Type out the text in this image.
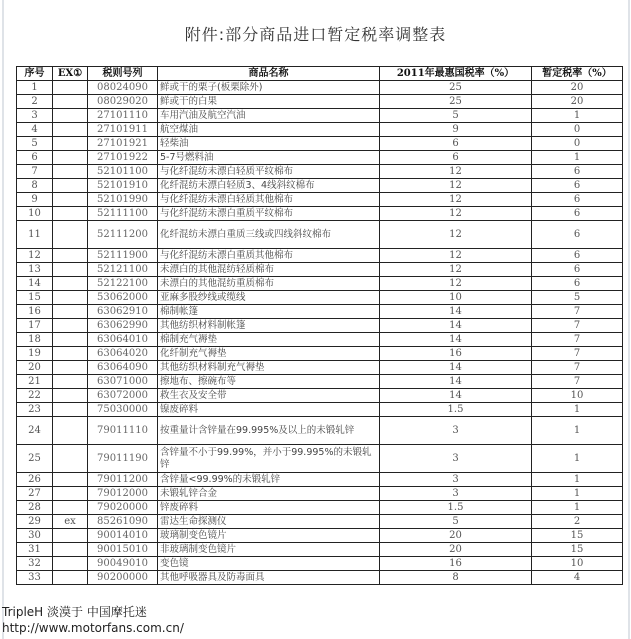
附件:部分商品进口暂定税率调整表
序号	EX①	税则号列	商品名称	2011年最惠国税率（%）	暂定税率（%）
1		08024090	鲜或干的栗子(板栗除外)	25	20
2		08029020	鲜或干的白果	25	20
3		27101110	车用汽油及航空汽油	5	1
4		27101911	航空煤油	9	0
5		27101921	轻柴油	6	0
6		27101922	5-7号燃料油	6	1
7		52101100	与化纤混纺未漂白轻质平纹棉布	12	6
8		52101910	化纤混纺未漂白轻质3、4线斜纹棉布	12	6
9		52101990	与化纤混纺未漂白轻质其他棉布	12	6
10		52111100	与化纤混纺未漂白重质平纹棉布	12	6
11		52111200	化纤混纺未漂白重质三线或四线斜纹棉布	12	6
12		52111900	与化纤混纺未漂白重质其他棉布	12	6
13		52121100	未漂白的其他混纺轻质棉布	12	6
14		52122100	未漂白的其他混纺重质棉布	12	6
15		53062000	亚麻多股纱线或缆线	10	5
16		63062910	棉制帐篷	14	7
17		63062990	其他纺织材料制帐篷	14	7
18		63064010	棉制充气褥垫	14	7
19		63064020	化纤制充气褥垫	16	7
20		63064090	其他纺织材料制充气褥垫	14	7
21		63071000	擦地布、擦碗布等	14	7
22		63072000	救生衣及安全带	14	10
23		75030000	镍废碎料	1.5	1
24		79011110	按重量计含锌量在99.995%及以上的未锻轧锌	3	1
25		79011190	含锌量不小于99.99%，并小于99.995%的未锻轧锌	3	1
26		79011200	含锌量<99.99%的未锻轧锌	3	1
27		79012000	未锻轧锌合金	3	1
28		79020000	锌废碎料	1.5	1
29	ex	85261090	雷达生命探测仪	5	2
30		90014010	玻璃制变色镜片	20	15
31		90015010	非玻璃制变色镜片	20	15
32		90049010	变色镜	16	10
33		90200000	其他呼吸器具及防毒面具	8	4
TripleH 淡漠于 中国摩托迷
http://www.motorfans.com.cn/
